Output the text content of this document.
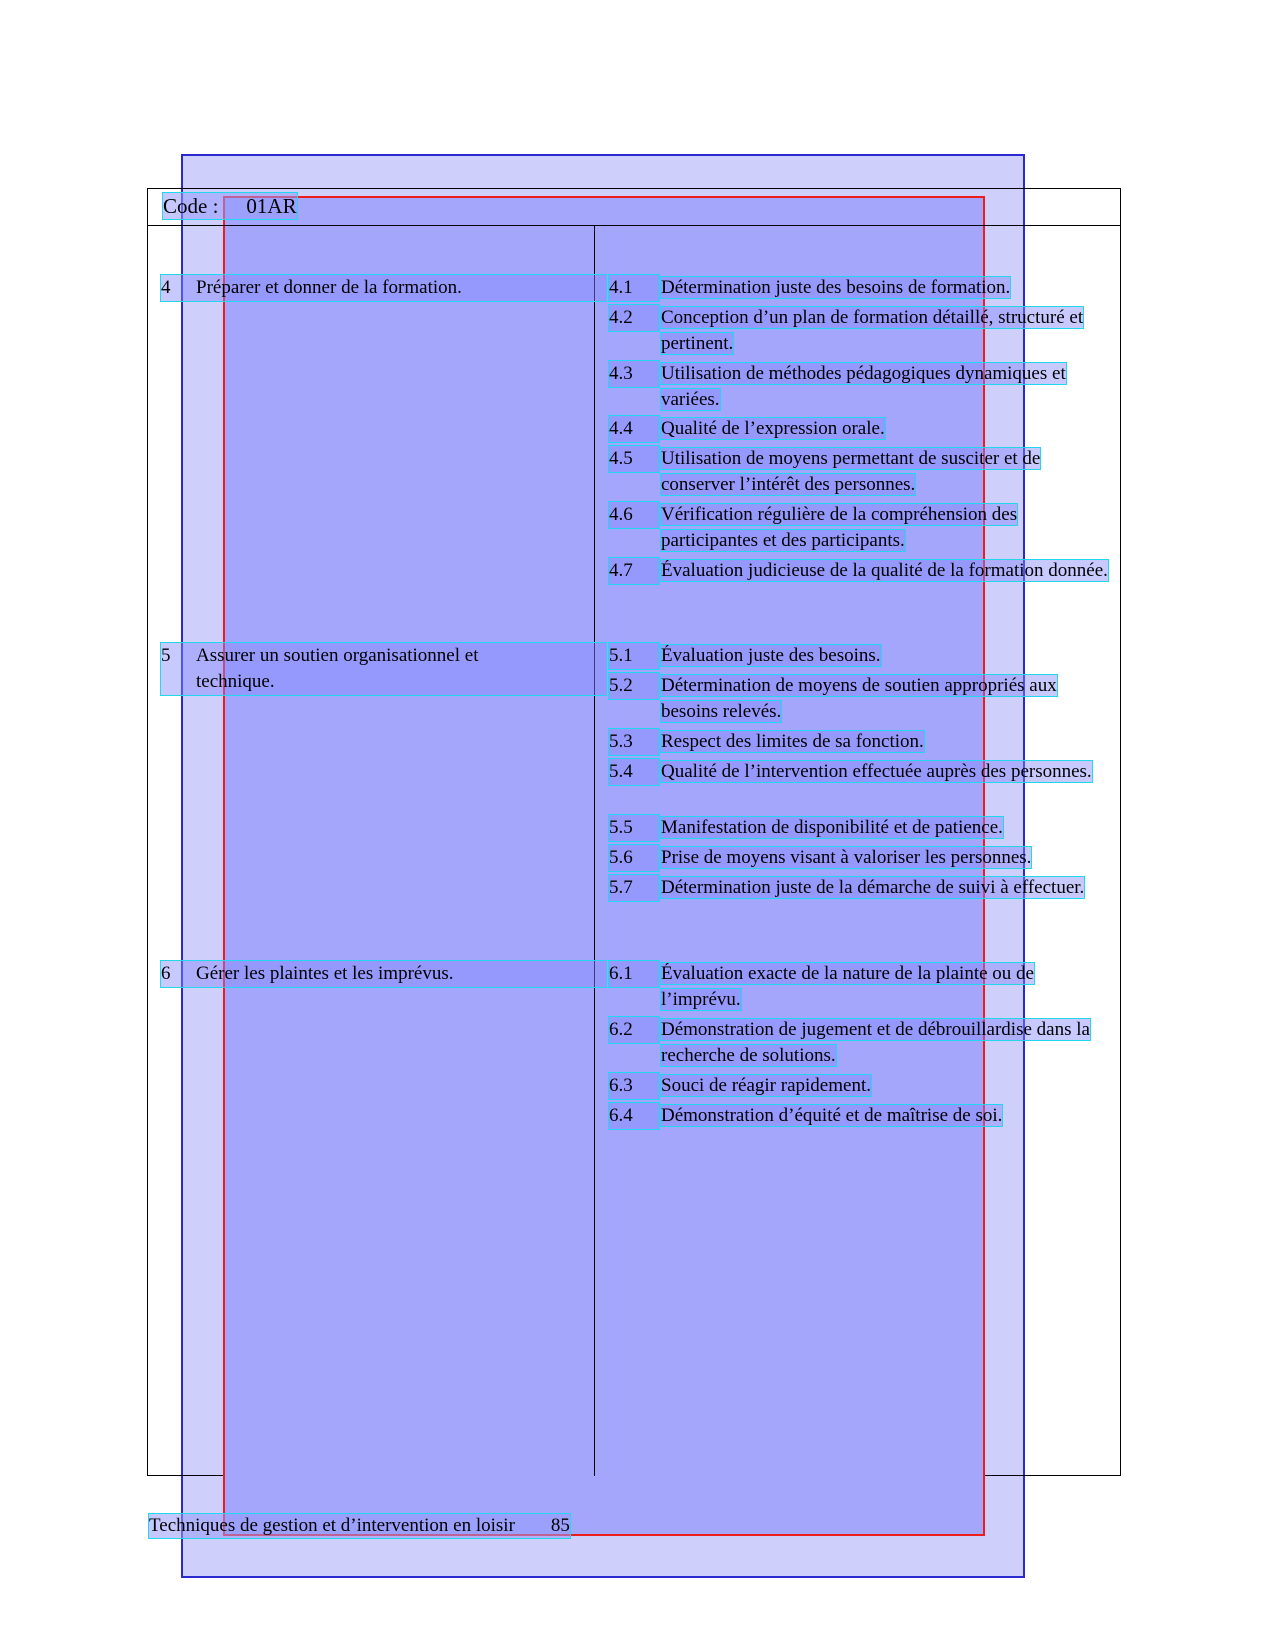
Code : 01AR
4	Préparer et donner de la formation.	4.1	Détermination juste des besoins de formation.
4.2	Conception d’un plan de formation détaillé, structuré et pertinent.
4.3	Utilisation de méthodes pédagogiques dynamiques et variées.
4.4	Qualité de l’expression orale.
4.5	Utilisation de moyens permettant de susciter et de conserver l’intérêt des personnes.
4.6	Vérification régulière de la compréhension des participantes et des participants.
4.7	Évaluation judicieuse de la qualité de la formation donnée.
5	Assurer un soutien organisationnel et technique.
5.1	Évaluation juste des besoins.
5.2	Détermination de moyens de soutien appropriés aux besoins relevés.
5.3	Respect des limites de sa fonction.
5.4	Qualité de l’intervention effectuée auprès des personnes.
5.5	Manifestation de disponibilité et de patience.
5.6	Prise de moyens visant à valoriser les personnes.
5.7	Détermination juste de la démarche de suivi à effectuer.
6	Gérer les plaintes et les imprévus.	6.1	Évaluation exacte de la nature de la plainte ou de l’imprévu.
6.2	Démonstration de jugement et de débrouillardise dans la recherche de solutions.
6.3	Souci de réagir rapidement.
6.4	Démonstration d’équité et de maîtrise de soi.
Techniques de gestion et d’intervention en loisir 85
